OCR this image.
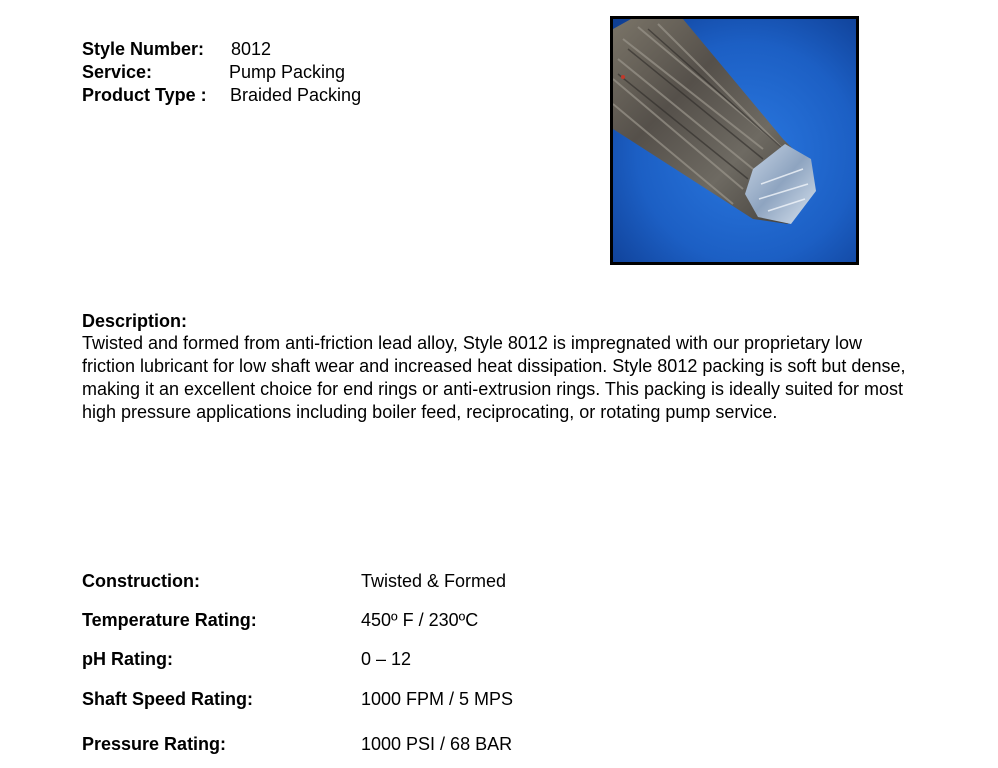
Style Number: 8012
Service:	Pump Packing
Product Type : Braided Packing
Description:
Twisted and formed from anti-friction lead alloy, Style 8012 is impregnated with our proprietary low friction lubricant for low shaft wear and increased heat dissipation. Style 8012 packing is soft but dense, making it an excellent choice for end rings or anti-extrusion rings. This packing is ideally suited for most high pressure applications including boiler feed, reciprocating, or rotating pump service.
Construction:	Twisted & Formed
Temperature Rating:	450º F / 230ºC
pH Rating:	0 – 12
Shaft Speed Rating:	1000 FPM / 5 MPS
Pressure Rating:	1000 PSI / 68 BAR
